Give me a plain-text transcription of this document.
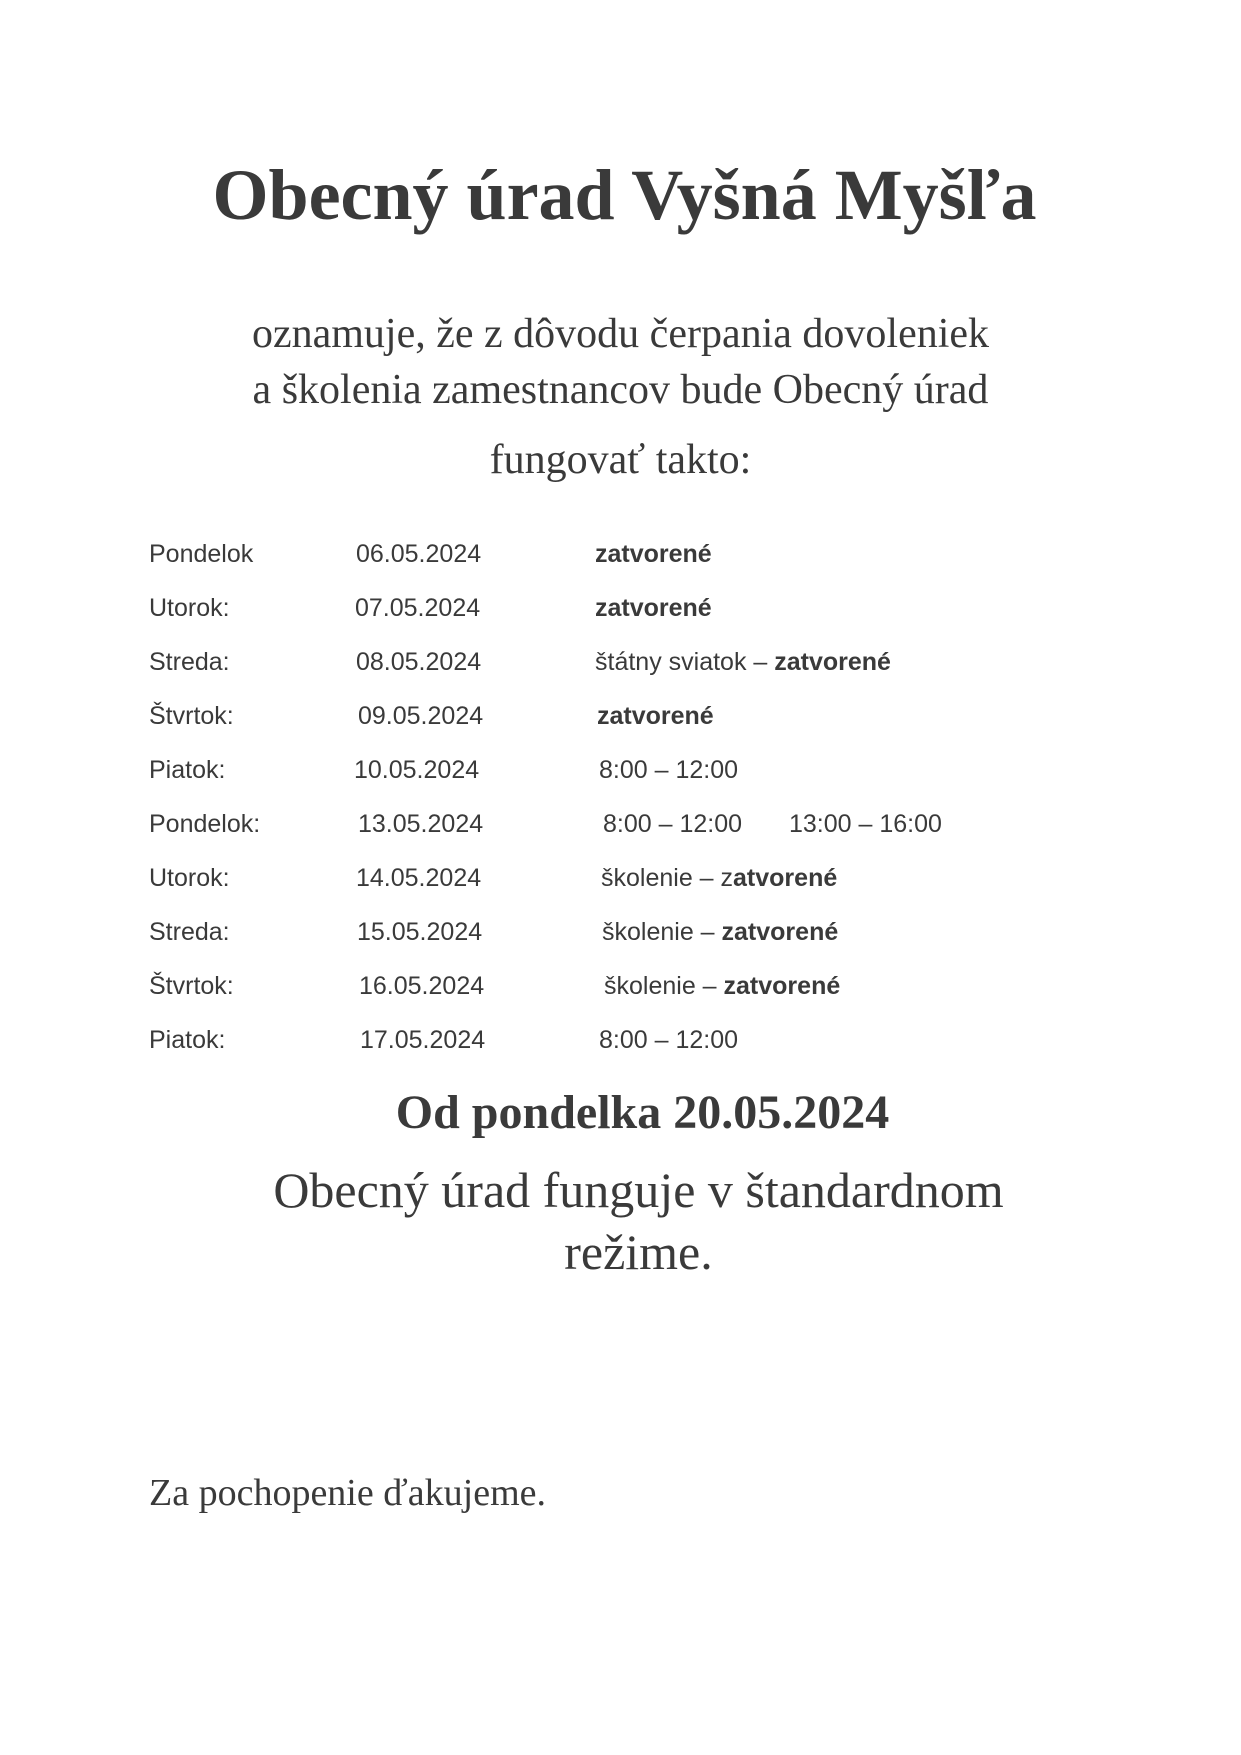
Obecný úrad Vyšná Myšľa
oznamuje, že z dôvodu čerpania dovoleniek
a školenia zamestnancov bude Obecný úrad
fungovať takto:
Pondelok	06.05.2024	zatvorené
Utorok:	07.05.2024	zatvorené
Streda:	08.05.2024	štátny sviatok – zatvorené
Štvrtok:	09.05.2024	zatvorené
Piatok:	10.05.2024	8:00 – 12:00
Pondelok:	13.05.2024	8:00 – 12:00 13:00 – 16:00
Utorok:	14.05.2024	školenie – zatvorené
Streda:	15.05.2024	školenie – zatvorené
Štvrtok:	16.05.2024	školenie – zatvorené
Piatok:	17.05.2024	8:00 – 12:00
Od pondelka 20.05.2024
Obecný úrad funguje v štandardnom
režime.
Za pochopenie ďakujeme.
